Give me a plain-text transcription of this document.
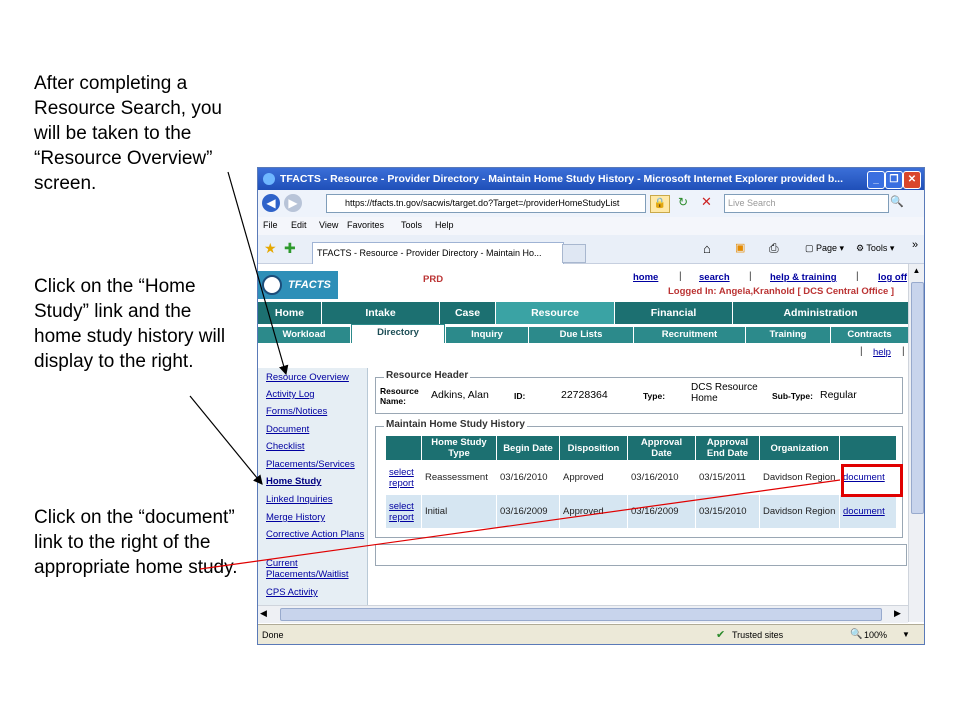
After completing a Resource Search, you will be taken to the “Resource Overview” screen.
Click on the “Home Study” link and the home study history will display to the right.
Click on the “document” link to the right of the appropriate home study.
TFACTS - Resource - Provider Directory - Maintain Home Study History - Microsoft Internet Explorer provided b...	_	❐ ✕
◀	▶	https://tfacts.tn.gov/sacwis/target.do?Target=/providerHomeStudyList	🔒 ↻ ✕	Live Search	🔍
File Edit View Favorites Tools Help
★ ✚	TFACTS - Resource - Provider Directory - Maintain Ho...	⌂ ▣ ⎙	▢ Page ▾ ⚙ Tools ▾ »
TFACTS	PRD	home | search | help & training | log off
Logged In: Angela,Kranhold [ DCS Central Office ]
Home	Intake	Case	Resource	Financial	Administration
Workload	Directory	Inquiry	Due Lists	Recruitment	Training	Contracts
| help |
Resource Overview
Activity Log
Forms/Notices
Document
Checklist
Placements/Services
Home Study
Linked Inquiries
Merge History
Corrective Action Plans
Current Placements/Waitlist
CPS Activity
Resource Header
Resource Name:	Adkins, Alan	ID:	22728364	Type:
DCS Resource Home	Sub-Type: Regular
Maintain Home Study History
	Home Study Type	Begin Date	Disposition	Approval Date	Approval End Date	Organization	
select
report	Reassessment	03/16/2010	Approved	03/16/2010	03/15/2011	Davidson Region	document
select
report	Initial	03/16/2009	Approved	03/16/2009	03/15/2010	Davidson Region	document
▲
◀	▶
Done	✔ Trusted sites	🔍 100% ▼
